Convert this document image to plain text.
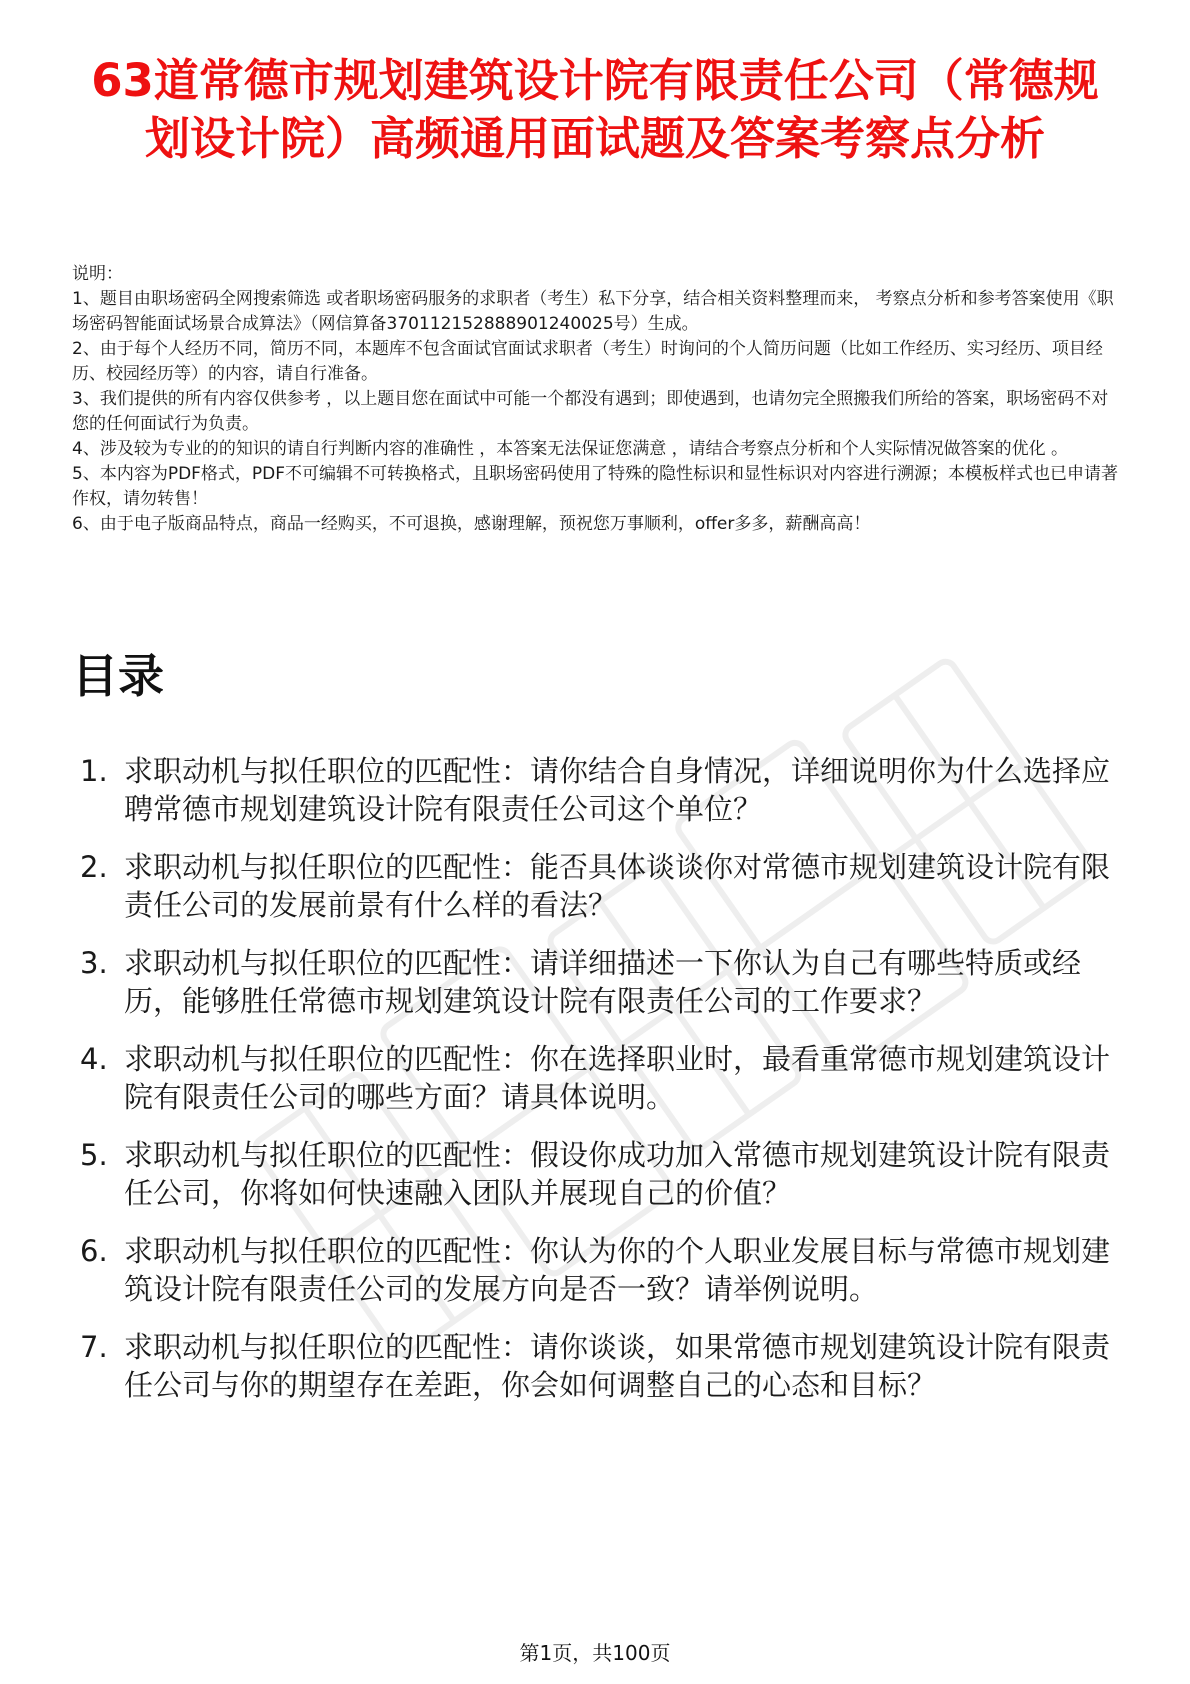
63道常德市规划建筑设计院有限责任公司（常德规划设计院）高频通用面试题及答案考察点分析

说明：

1、题目由职场密码全网搜索筛选 或者职场密码服务的求职者（考生）私下分享，结合相关资料整理而来， 考察点分析和参考答案使用《职场密码智能面试场景合成算法》（网信算备370112152888901240025号）生成。

2、由于每个人经历不同，简历不同，本题库不包含面试官面试求职者（考生）时询问的个人简历问题（比如工作经历、实习经历、项目经历、校园经历等）的内容，请自行准备。

3、我们提供的所有内容仅供参考 ，以上题目您在面试中可能一个都没有遇到；即使遇到，也请勿完全照搬我们所给的答案，职场密码不对您的任何面试行为负责。

4、涉及较为专业的的知识的请自行判断内容的准确性 ，本答案无法保证您满意 ，请结合考察点分析和个人实际情况做答案的优化 。

5、本内容为PDF格式，PDF不可编辑不可转换格式，且职场密码使用了特殊的隐性标识和显性标识对内容进行溯源；本模板样式也已申请著作权，请勿转售！

6、由于电子版商品特点，商品一经购买，不可退换，感谢理解，预祝您万事顺利，offer多多，薪酬高高！

目录
1. 求职动机与拟任职位的匹配性：请你结合自身情况，详细说明你为什么选择应聘常德市规划建筑设计院有限责任公司这个单位？
2. 求职动机与拟任职位的匹配性：能否具体谈谈你对常德市规划建筑设计院有限责任公司的发展前景有什么样的看法？
3. 求职动机与拟任职位的匹配性：请详细描述一下你认为自己有哪些特质或经历，能够胜任常德市规划建筑设计院有限责任公司的工作要求？
4. 求职动机与拟任职位的匹配性：你在选择职业时，最看重常德市规划建筑设计院有限责任公司的哪些方面？请具体说明。
5. 求职动机与拟任职位的匹配性：假设你成功加入常德市规划建筑设计院有限责任公司，你将如何快速融入团队并展现自己的价值？
6. 求职动机与拟任职位的匹配性：你认为你的个人职业发展目标与常德市规划建筑设计院有限责任公司的发展方向是否一致？请举例说明。
7. 求职动机与拟任职位的匹配性：请你谈谈，如果常德市规划建筑设计院有限责任公司与你的期望存在差距，你会如何调整自己的心态和目标？
第1页，共100页
